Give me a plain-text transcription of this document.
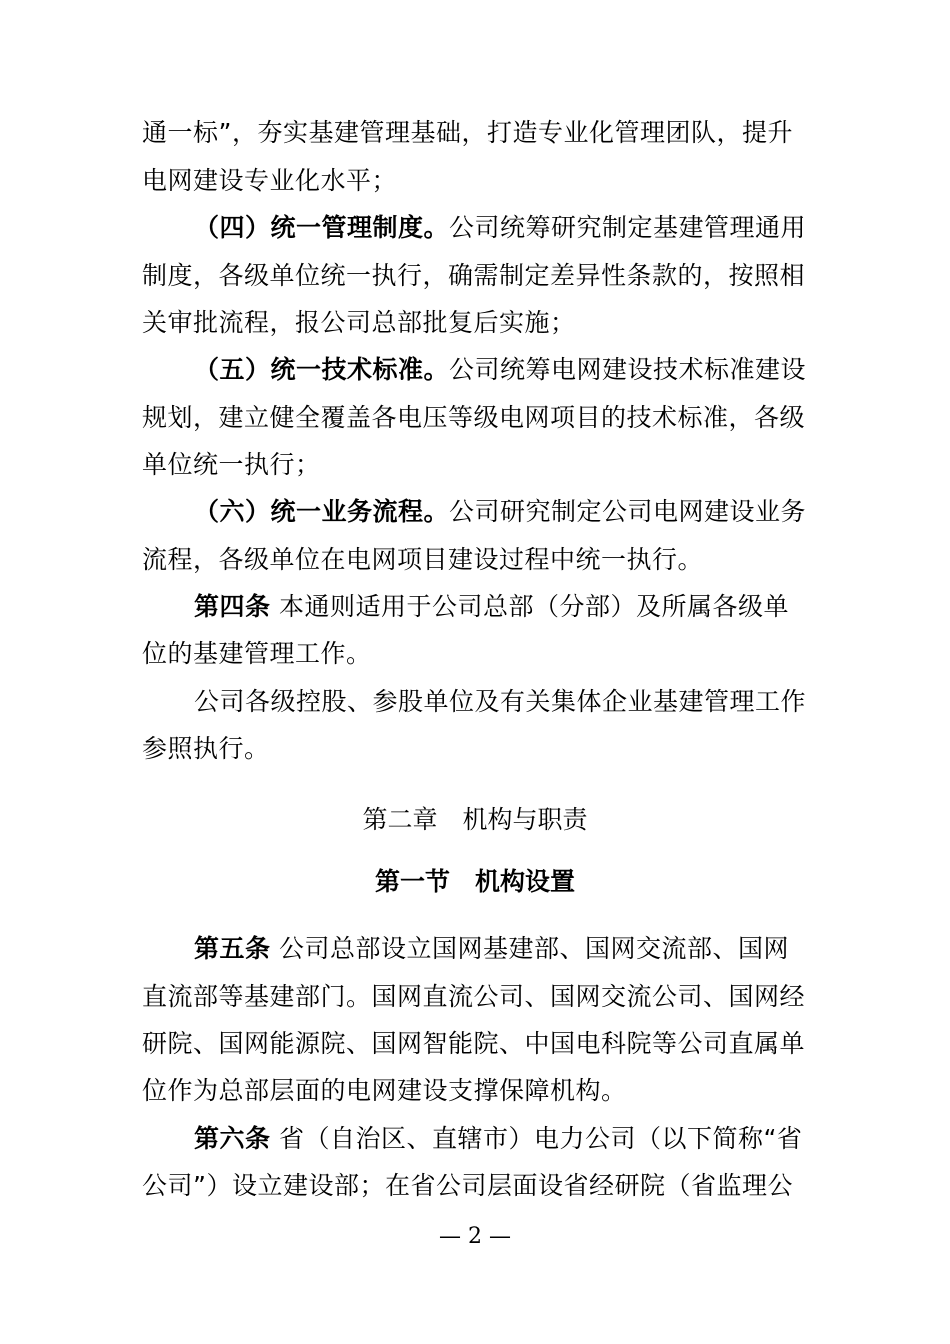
通一标”，夯实基建管理基础，打造专业化管理团队，提升
电网建设专业化水平；
（四）统一管理制度。公司统筹研究制定基建管理通用
制度，各级单位统一执行，确需制定差异性条款的，按照相
关审批流程，报公司总部批复后实施；
（五）统一技术标准。公司统筹电网建设技术标准建设
规划，建立健全覆盖各电压等级电网项目的技术标准，各级
单位统一执行；
（六）统一业务流程。公司研究制定公司电网建设业务
流程，各级单位在电网项目建设过程中统一执行。
第四条 本通则适用于公司总部（分部）及所属各级单
位的基建管理工作。
公司各级控股、参股单位及有关集体企业基建管理工作
参照执行。
第二章　机构与职责
第一节　机构设置
第五条 公司总部设立国网基建部、国网交流部、国网
直流部等基建部门。国网直流公司、国网交流公司、国网经
研院、国网能源院、国网智能院、中国电科院等公司直属单
位作为总部层面的电网建设支撑保障机构。
第六条 省（自治区、直辖市）电力公司（以下简称“省
公司”）设立建设部；在省公司层面设省经研院（省监理公
— 2 —
